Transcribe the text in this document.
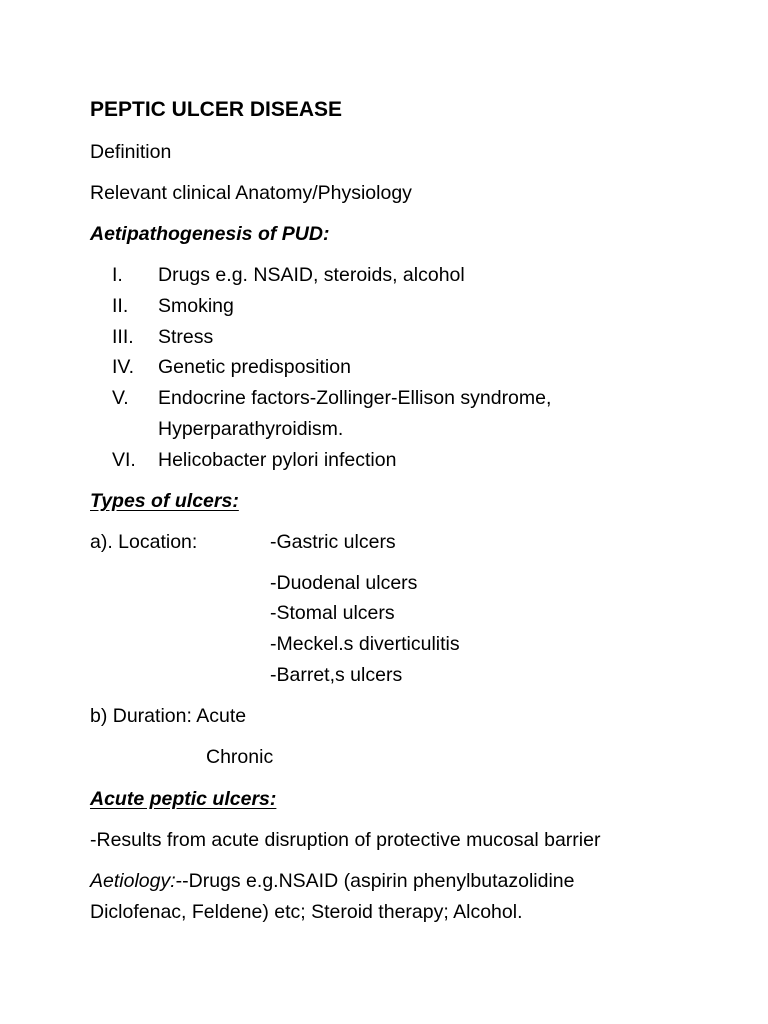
PEPTIC ULCER DISEASE
Definition
Relevant clinical Anatomy/Physiology
Aetipathogenesis of PUD:
I. Drugs e.g. NSAID, steroids, alcohol
II. Smoking
III. Stress
IV. Genetic predisposition
V. Endocrine factors-Zollinger-Ellison syndrome,
Hyperparathyroidism.
VI. Helicobacter pylori infection
Types of ulcers:
a). Location:	-Gastric ulcers
-Duodenal ulcers
-Stomal ulcers
-Meckel.s diverticulitis
-Barret,s ulcers
b) Duration: Acute
Chronic
Acute peptic ulcers:
-Results from acute disruption of protective mucosal barrier
Aetiology:--Drugs e.g.NSAID (aspirin phenylbutazolidine
Diclofenac, Feldene) etc; Steroid therapy; Alcohol.
